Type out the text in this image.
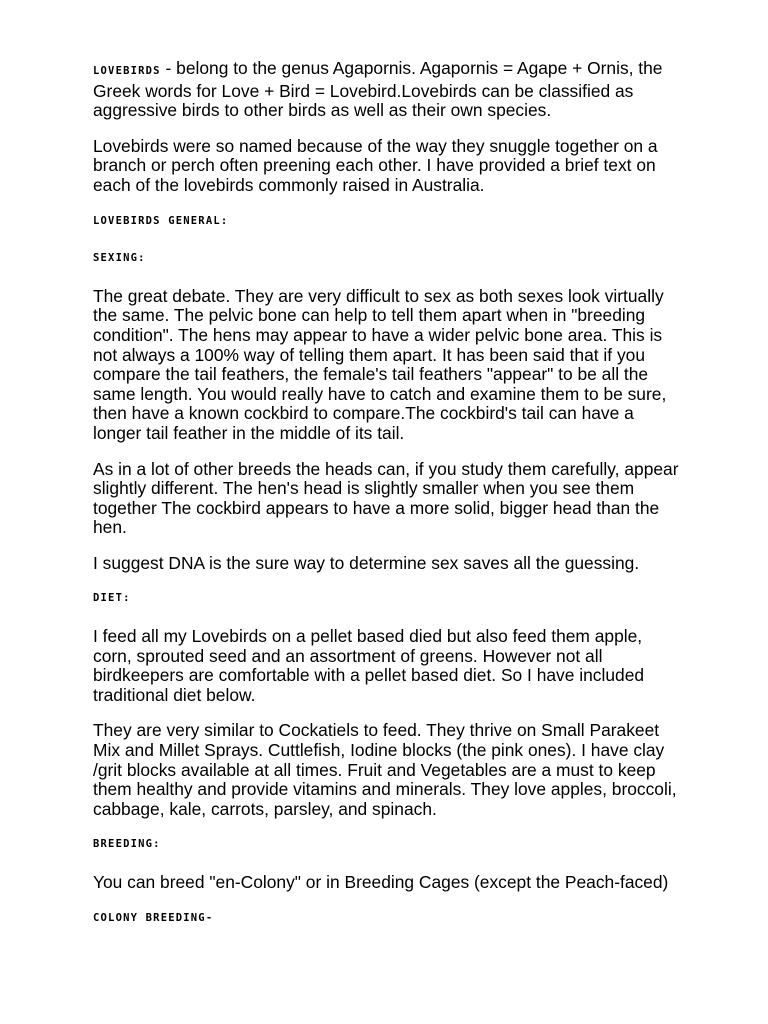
LOVEBIRDS - belong to the genus Agapornis. Agapornis = Agape + Ornis, the Greek words for Love + Bird = Lovebird.Lovebirds can be classified as aggressive birds to other birds as well as their own species.

Lovebirds were so named because of the way they snuggle together on a branch or perch often preening each other. I have provided a brief text on each of the lovebirds commonly raised in Australia.

LOVEBIRDS GENERAL:

SEXING:

The great debate. They are very difficult to sex as both sexes look virtually the same. The pelvic bone can help to tell them apart when in "breeding condition". The hens may appear to have a wider pelvic bone area. This is not always a 100% way of telling them apart. It has been said that if you compare the tail feathers, the female's tail feathers "appear" to be all the same length. You would really have to catch and examine them to be sure, then have a known cockbird to compare.The cockbird's tail can have a longer tail feather in the middle of its tail.

As in a lot of other breeds the heads can, if you study them carefully, appear slightly different. The hen's head is slightly smaller when you see them together The cockbird appears to have a more solid, bigger head than the hen.

I suggest DNA is the sure way to determine sex saves all the guessing.

DIET:

I feed all my Lovebirds on a pellet based died but also feed them apple, corn, sprouted seed and an assortment of greens. However not all birdkeepers are comfortable with a pellet based diet. So I have included traditional diet below.

They are very similar to Cockatiels to feed. They thrive on Small Parakeet Mix and Millet Sprays. Cuttlefish, Iodine blocks (the pink ones). I have clay /grit blocks available at all times. Fruit and Vegetables are a must to keep them healthy and provide vitamins and minerals. They love apples, broccoli, cabbage, kale, carrots, parsley, and spinach.

BREEDING:

You can breed "en-Colony" or in Breeding Cages (except the Peach-faced)

COLONY BREEDING-
